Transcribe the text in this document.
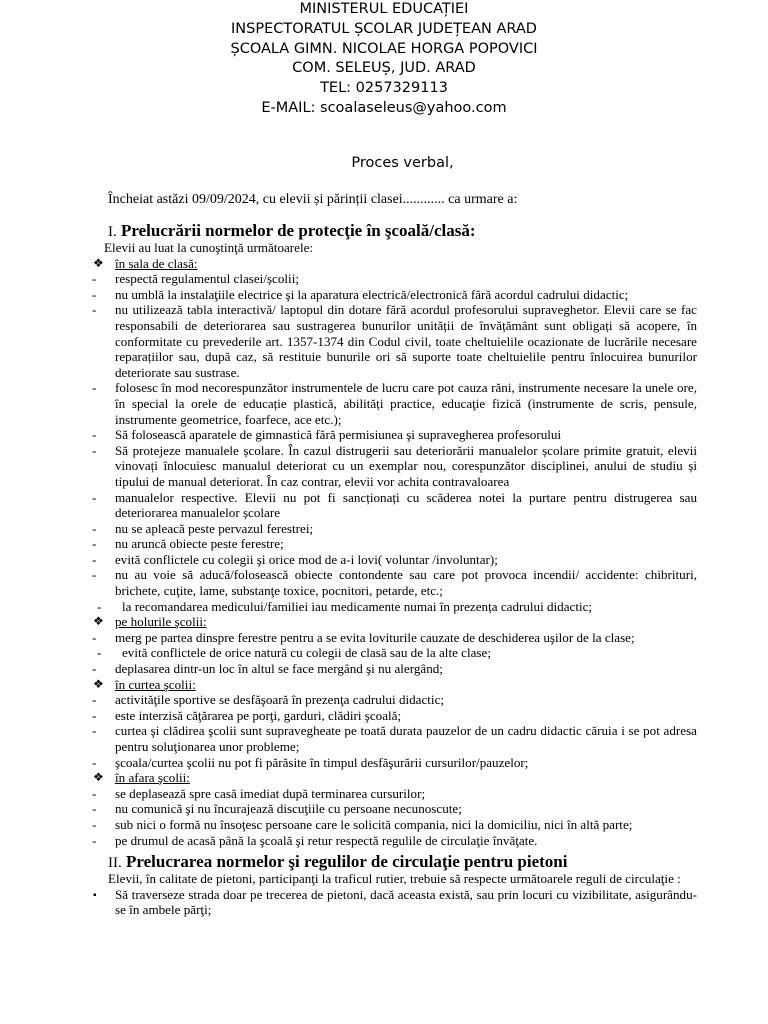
MINISTERUL EDUCAȚIEI
INSPECTORATUL ȘCOLAR JUDEȚEAN ARAD
ȘCOALA GIMN. NICOLAE HORGA POPOVICI
COM. SELEUȘ, JUD. ARAD
TEL: 0257329113
E-MAIL: scoalaseleus@yahoo.com
Proces verbal,
Încheiat astăzi 09/09/2024, cu elevii și părinții clasei............ ca urmare a:
I. Prelucrării normelor de protecţie în şcoală/clasă:
Elevii au luat la cunoştinţă următoarele:
❖ în sala de clasă:
- respectă regulamentul clasei/școlii;
- nu umblă la instalaţiile electrice şi la aparatura electrică/electronică fără acordul cadrului didactic;
- nu utilizează tabla interactivă/ laptopul din dotare fără acordul profesorului supraveghetor. Elevii care se fac responsabili de deteriorarea sau sustragerea bunurilor unității de învățământ sunt obligați să acopere, în conformitate cu prevederile art. 1357-1374 din Codul civil, toate cheltuielile ocazionate de lucrările necesare reparațiilor sau, după caz, să restituie bunurile ori să suporte toate cheltuielile pentru înlocuirea bunurilor deteriorate sau sustrase.
- folosesc în mod necorespunzător instrumentele de lucru care pot cauza răni, instrumente necesare la unele ore, în special la orele de educație plastică, abilități practice, educaţie fizică (instrumente de scris, pensule, instrumente geometrice, foarfece, ace etc.);
- Să folosească aparatele de gimnastică fără permisiunea şi supravegherea profesorului
- Să protejeze manualele școlare. În cazul distrugerii sau deteriorării manualelor școlare primite gratuit, elevii vinovați înlocuiesc manualul deteriorat cu un exemplar nou, corespunzător disciplinei, anului de studiu și tipului de manual deteriorat. În caz contrar, elevii vor achita contravaloarea
- manualelor respective. Elevii nu pot fi sancționați cu scăderea notei la purtare pentru distrugerea sau deteriorarea manualelor școlare
- nu se apleacă peste pervazul ferestrei;
- nu aruncă obiecte peste ferestre;
- evită conflictele cu colegii şi orice mod de a-i lovi( voluntar /involuntar);
- nu au voie să aducă/folosească obiecte contondente sau care pot provoca incendii/ accidente: chibrituri, brichete, cuţite, lame, substanţe toxice, pocnitori, petarde, etc.;
- la recomandarea medicului/familiei iau medicamente numai în prezența cadrului didactic;
❖ pe holurile şcolii:
- merg pe partea dinspre ferestre pentru a se evita loviturile cauzate de deschiderea uşilor de la clase;
- evită conflictele de orice natură cu colegii de clasă sau de la alte clase;
- deplasarea dintr-un loc în altul se face mergând şi nu alergând;
❖ în curtea şcolii:
- activităţile sportive se desfăşoară în prezenţa cadrului didactic;
- este interzisă căţărarea pe porţi, garduri, clădiri şcoală;
- curtea şi clădirea şcolii sunt supravegheate pe toată durata pauzelor de un cadru didactic căruia i se pot adresa pentru soluţionarea unor probleme;
- şcoala/curtea şcolii nu pot fi părăsite în timpul desfăşurării cursurilor/pauzelor;
❖ în afara şcolii:
- se deplasează spre casă imediat după terminarea cursurilor;
- nu comunică şi nu încurajează discuţiile cu persoane necunoscute;
- sub nici o formă nu însoţesc persoane care le solicită compania, nici la domiciliu, nici în altă parte;
- pe drumul de acasă până la şcoală şi retur respectă regulile de circulaţie învăţate.
II. Prelucrarea normelor şi regulilor de circulaţie pentru pietoni
Elevii, în calitate de pietoni, participanţi la traficul rutier, trebuie să respecte următoarele reguli de circulaţie :
▪ Să traverseze strada doar pe trecerea de pietoni, dacă aceasta există, sau prin locuri cu vizibilitate, asigurându-se în ambele părţi;
